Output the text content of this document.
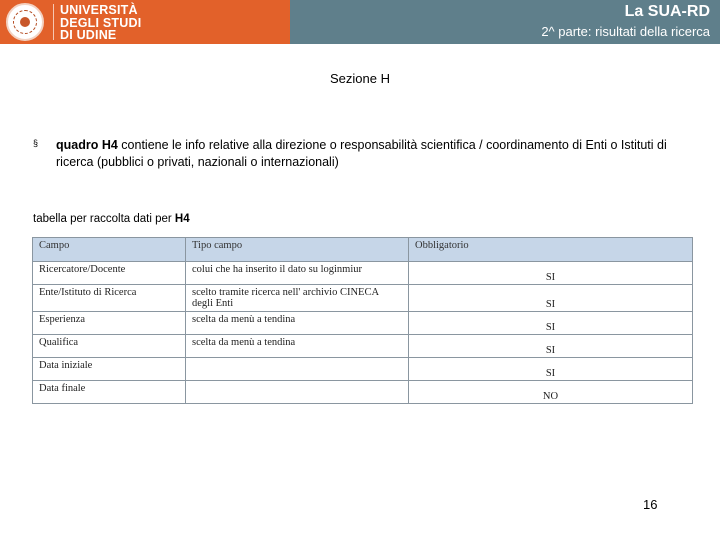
UNIVERSITÀ
DEGLI STUDI
DI UDINE
La SUA-RD
2^ parte: risultati della ricerca
Sezione H
§ quadro H4 contiene le info relative alla direzione o responsabilità scientifica / coordinamento di Enti o Istituti di ricerca (pubblici o privati, nazionali o internazionali)
tabella per raccolta dati per H4
Campo	Tipo campo	Obbligatorio
Ricercatore/Docente	colui che ha inserito il dato su loginmiur	SI
Ente/Istituto di Ricerca	scelto tramite ricerca nell' archivio CINECA degli Enti	SI
Esperienza	scelta da menù a tendina	SI
Qualifica	scelta da menù a tendina	SI
Data iniziale		SI
Data finale		NO
16
